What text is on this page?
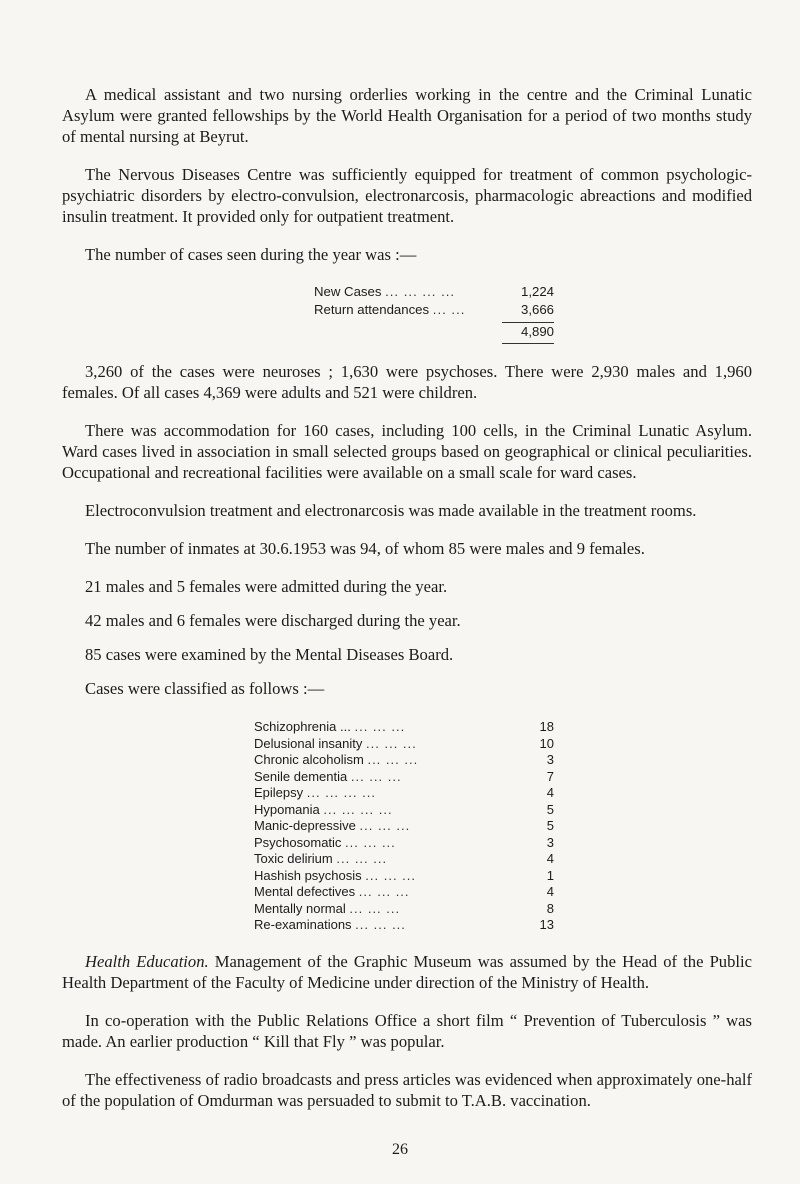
A medical assistant and two nursing orderlies working in the centre and the Criminal Lunatic Asylum were granted fellowships by the World Health Organisation for a period of two months study of mental nursing at Beyrut.

The Nervous Diseases Centre was sufficiently equipped for treatment of common psychologic-psychiatric disorders by electro-convulsion, electronarcosis, pharmacologic abreactions and modified insulin treatment. It provided only for outpatient treatment.

The number of cases seen during the year was :—

New Cases ... ... ... ...	1,224
Return attendances ... ...	3,666
4,890

3,260 of the cases were neuroses ; 1,630 were psychoses. There were 2,930 males and 1,960 females. Of all cases 4,369 were adults and 521 were children.

There was accommodation for 160 cases, including 100 cells, in the Criminal Lunatic Asylum. Ward cases lived in association in small selected groups based on geographical or clinical peculiarities. Occupational and recreational facilities were available on a small scale for ward cases.

Electroconvulsion treatment and electronarcosis was made available in the treatment rooms.

The number of inmates at 30.6.1953 was 94, of whom 85 were males and 9 females.

21 males and 5 females were admitted during the year.

42 males and 6 females were discharged during the year.

85 cases were examined by the Mental Diseases Board.

Cases were classified as follows :—

Schizophrenia ... ... ... ...	18
Delusional insanity ... ... ...	10
Chronic alcoholism ... ... ...	3
Senile dementia ... ... ...	7
Epilepsy ... ... ... ...	4
Hypomania ... ... ... ...	5
Manic-depressive ... ... ...	5
Psychosomatic ... ... ...	3
Toxic delirium ... ... ...	4
Hashish psychosis ... ... ...	1
Mental defectives ... ... ...	4
Mentally normal ... ... ...	8
Re-examinations ... ... ...	13

Health Education. Management of the Graphic Museum was assumed by the Head of the Public Health Department of the Faculty of Medicine under direction of the Ministry of Health.

In co-operation with the Public Relations Office a short film “ Prevention of Tuberculosis ” was made. An earlier production “ Kill that Fly ” was popular.

The effectiveness of radio broadcasts and press articles was evidenced when approximately one-half of the population of Omdurman was persuaded to submit to T.A.B. vaccination.

26
